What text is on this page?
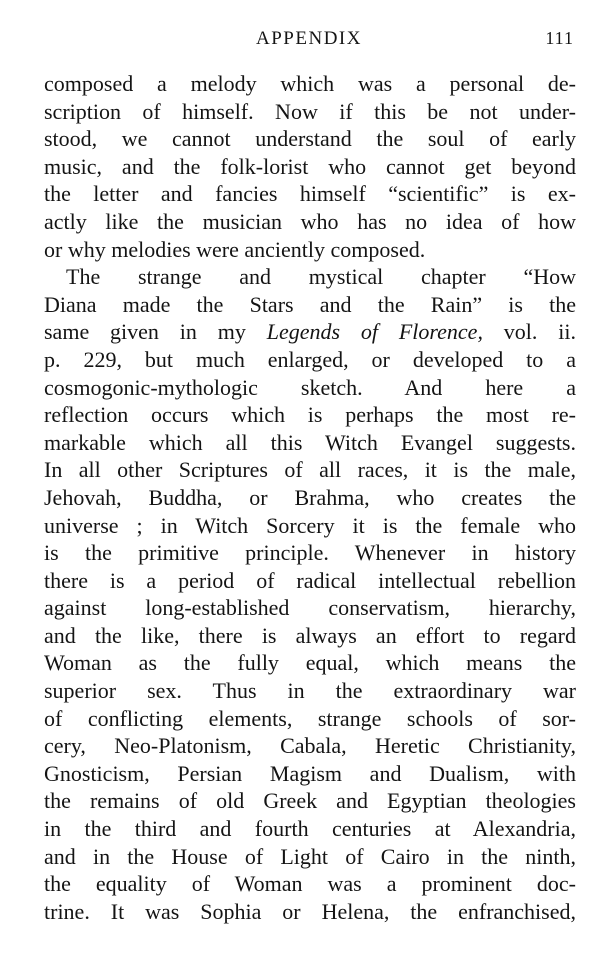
APPENDIX	111
composed a melody which was a personal de-
scription of himself. Now if this be not under-
stood, we cannot understand the soul of early
music, and the folk-lorist who cannot get beyond
the letter and fancies himself “scientific” is ex-
actly like the musician who has no idea of how
or why melodies were anciently composed.
The strange and mystical chapter “How
Diana made the Stars and the Rain” is the
same given in my Legends of Florence, vol. ii.
p. 229, but much enlarged, or developed to a
cosmogonic-mythologic sketch. And here a
reflection occurs which is perhaps the most re-
markable which all this Witch Evangel suggests.
In all other Scriptures of all races, it is the male,
Jehovah, Buddha, or Brahma, who creates the
universe ; in Witch Sorcery it is the female who
is the primitive principle. Whenever in history
there is a period of radical intellectual rebellion
against long-established conservatism, hierarchy,
and the like, there is always an effort to regard
Woman as the fully equal, which means the
superior sex. Thus in the extraordinary war
of conflicting elements, strange schools of sor-
cery, Neo-Platonism, Cabala, Heretic Christianity,
Gnosticism, Persian Magism and Dualism, with
the remains of old Greek and Egyptian theologies
in the third and fourth centuries at Alexandria,
and in the House of Light of Cairo in the ninth,
the equality of Woman was a prominent doc-
trine. It was Sophia or Helena, the enfranchised,
